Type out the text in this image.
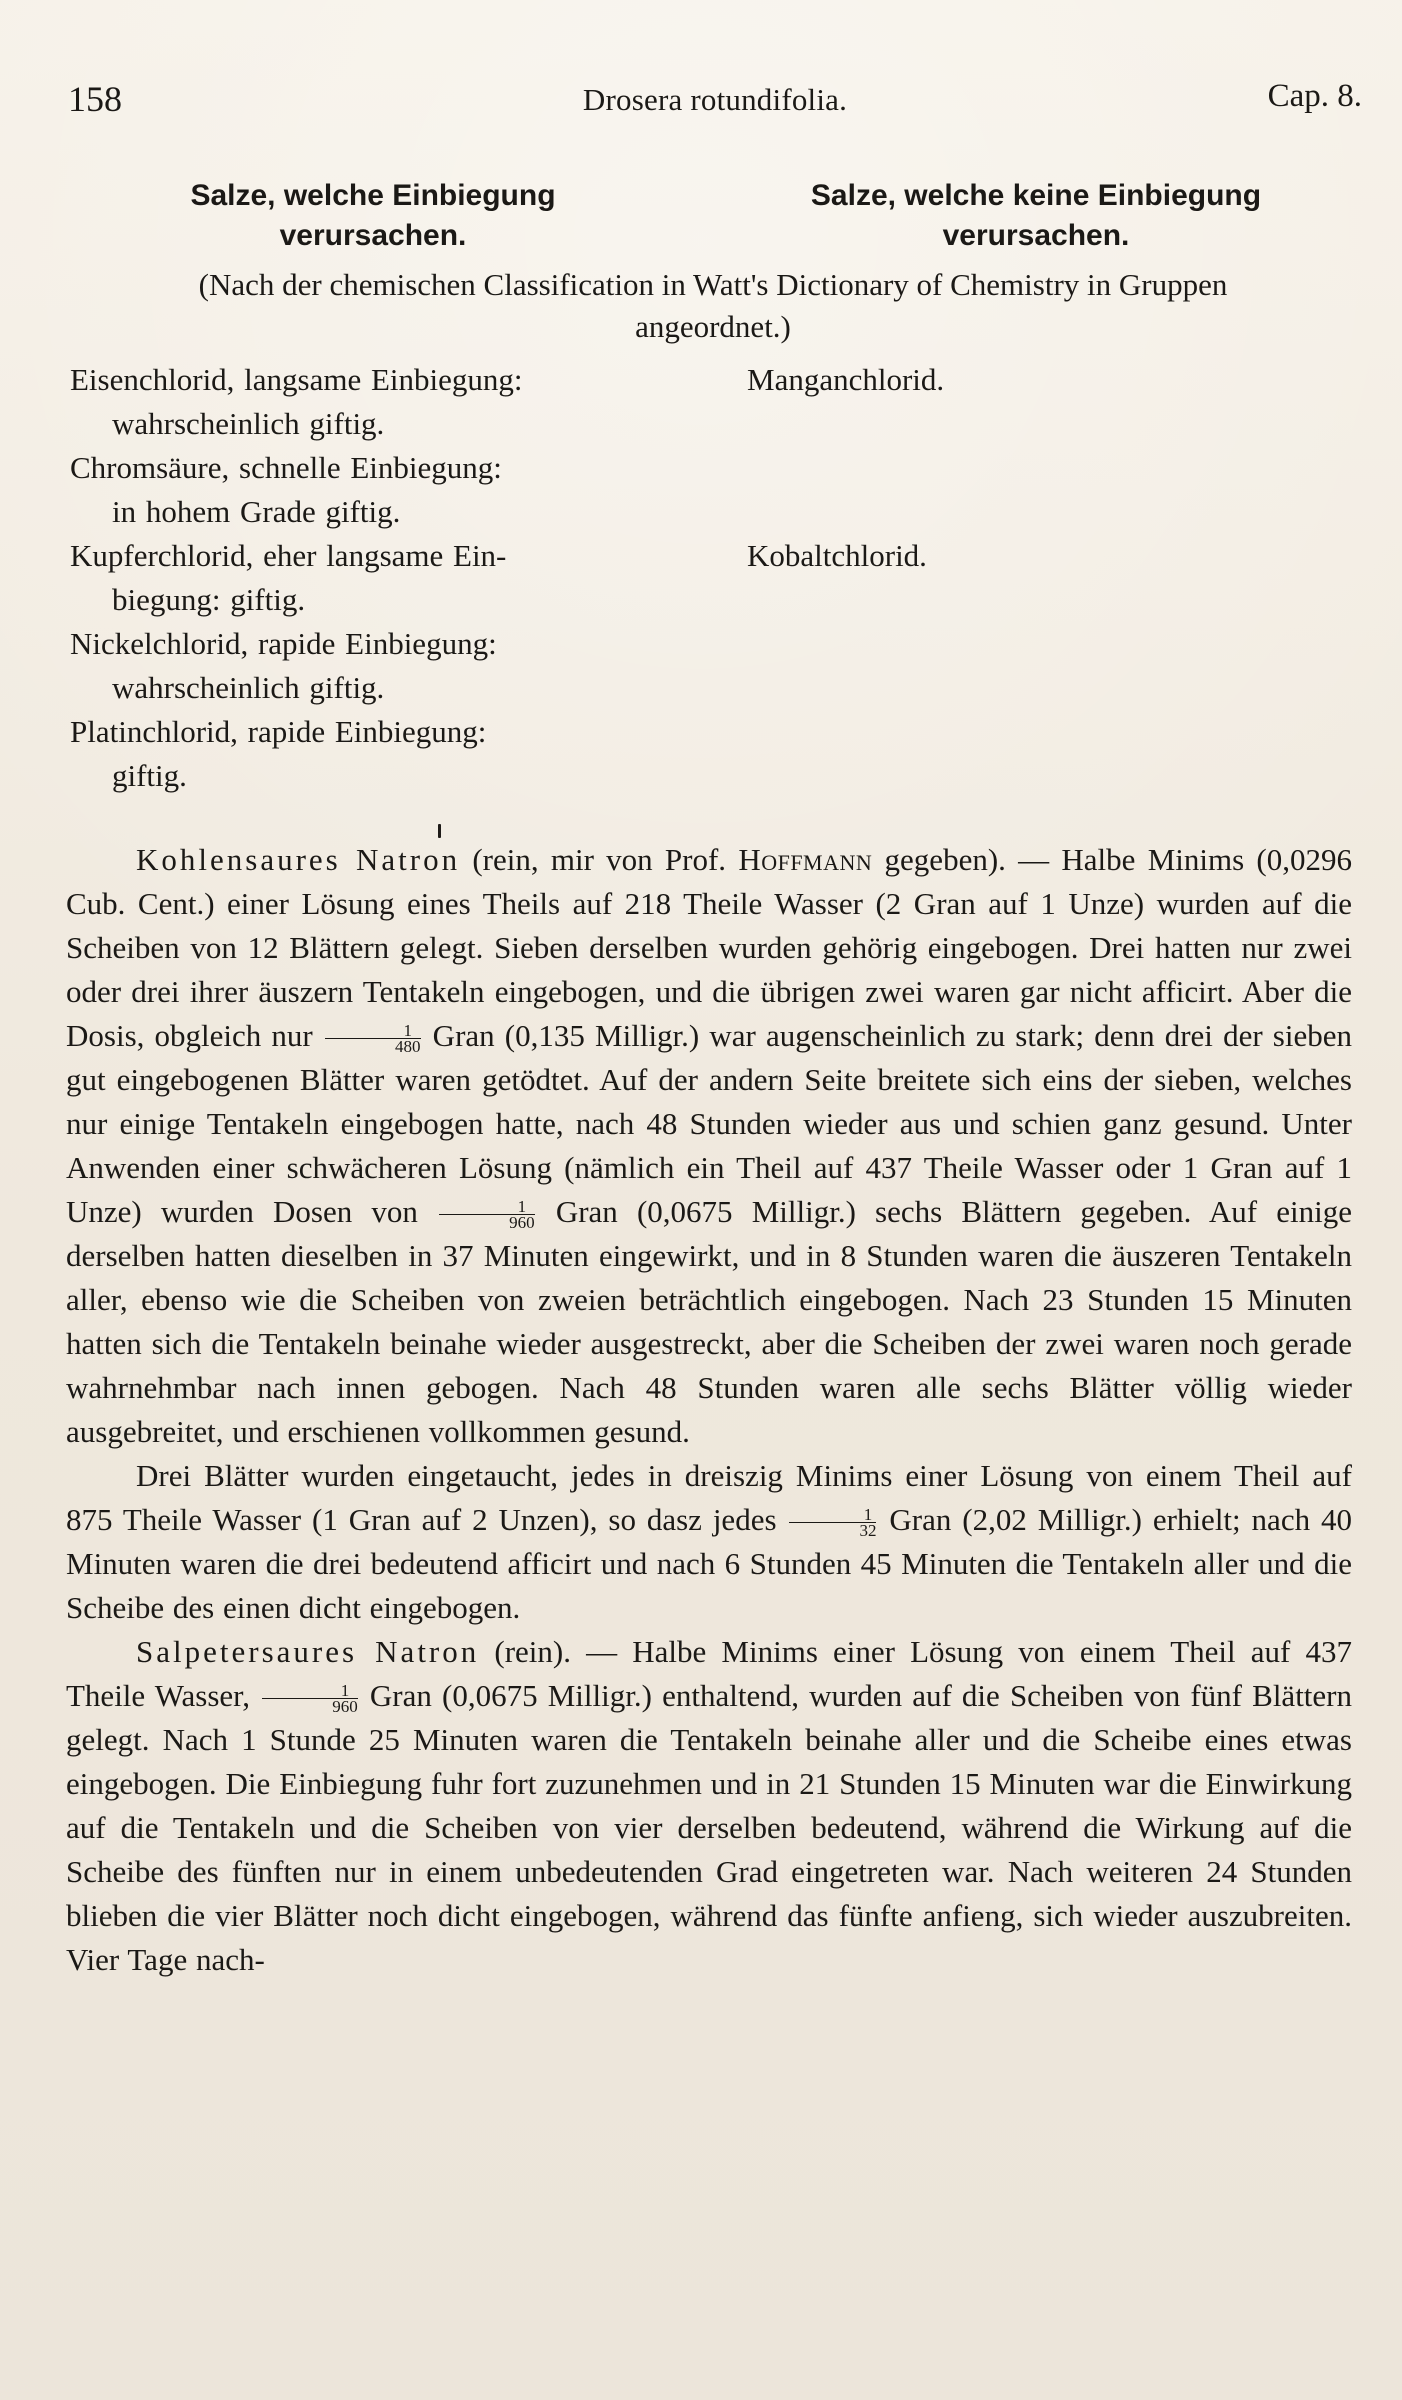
158	Drosera rotundifolia.	Cap. 8.
Salze, welche Einbiegung
verursachen.
Salze, welche keine Einbiegung
verursachen.
(Nach der chemischen Classification in Watt's Dictionary of Chemistry in Gruppen angeordnet.)
Eisenchlorid, langsame Einbiegung:
wahrscheinlich giftig.
Manganchlorid.
Chromsäure, schnelle Einbiegung:
in hohem Grade giftig.
Kupferchlorid, eher langsame Ein-
biegung: giftig.
Kobaltchlorid.
Nickelchlorid, rapide Einbiegung:
wahrscheinlich giftig.
Platinchlorid, rapide Einbiegung:
giftig.

Kohlensaures Natron (rein, mir von Prof. Hoffmann gegeben). — Halbe Minims (0,0296 Cub. Cent.) einer Lösung eines Theils auf 218 Theile Wasser (2 Gran auf 1 Unze) wurden auf die Scheiben von 12 Blättern gelegt. Sieben derselben wurden gehörig eingebogen. Drei hatten nur zwei oder drei ihrer äuszern Tentakeln eingebogen, und die übrigen zwei waren gar nicht afficirt. Aber die Dosis, obgleich nur $\frac{1}{480}$ Gran (0,135 Milligr.) war augenscheinlich zu stark; denn drei der sieben gut eingebogenen Blätter waren getödtet. Auf der andern Seite breitete sich eins der sieben, welches nur einige Tentakeln eingebogen hatte, nach 48 Stunden wieder aus und schien ganz gesund. Unter Anwenden einer schwächeren Lösung (nämlich ein Theil auf 437 Theile Wasser oder 1 Gran auf 1 Unze) wurden Dosen von $\frac{1}{960}$ Gran (0,0675 Milligr.) sechs Blättern gegeben. Auf einige derselben hatten dieselben in 37 Minuten eingewirkt, und in 8 Stunden waren die äuszeren Tentakeln aller, ebenso wie die Scheiben von zweien beträchtlich eingebogen. Nach 23 Stunden 15 Minuten hatten sich die Tentakeln beinahe wieder ausgestreckt, aber die Scheiben der zwei waren noch gerade wahrnehmbar nach innen gebogen. Nach 48 Stunden waren alle sechs Blätter völlig wieder ausgebreitet, und erschienen vollkommen gesund.

Drei Blätter wurden eingetaucht, jedes in dreiszig Minims einer Lösung von einem Theil auf 875 Theile Wasser (1 Gran auf 2 Unzen), so dasz jedes $\frac{1}{32}$ Gran (2,02 Milligr.) erhielt; nach 40 Minuten waren die drei bedeutend afficirt und nach 6 Stunden 45 Minuten die Tentakeln aller und die Scheibe des einen dicht eingebogen.

Salpetersaures Natron (rein). — Halbe Minims einer Lösung von einem Theil auf 437 Theile Wasser, $\frac{1}{960}$ Gran (0,0675 Milligr.) enthaltend, wurden auf die Scheiben von fünf Blättern gelegt. Nach 1 Stunde 25 Minuten waren die Tentakeln beinahe aller und die Scheibe eines etwas eingebogen. Die Einbiegung fuhr fort zuzunehmen und in 21 Stunden 15 Minuten war die Einwirkung auf die Tentakeln und die Scheiben von vier derselben bedeutend, während die Wirkung auf die Scheibe des fünften nur in einem unbedeutenden Grad eingetreten war. Nach weiteren 24 Stunden blieben die vier Blätter noch dicht eingebogen, während das fünfte anfieng, sich wieder auszubreiten. Vier Tage nach-
